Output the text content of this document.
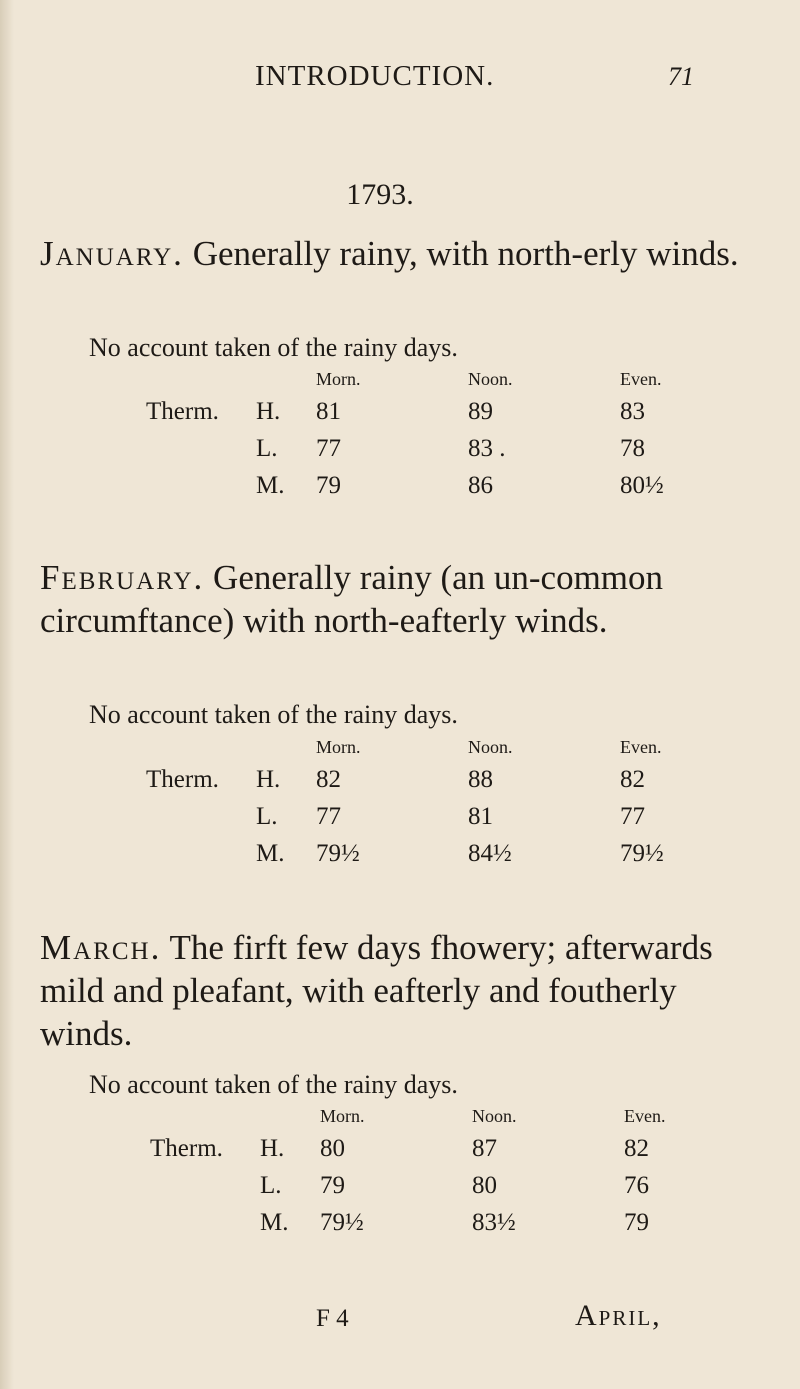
INTRODUCTION.	71
1793.
January. Generally rainy, with north-erly winds.
No account taken of the rainy days.
		Morn.	Noon.	Even.
Therm.	H.	81	89	83
	L.	77	83 .	78
	M.	79	86	80½
February. Generally rainy (an un-common circumftance) with north-eafterly winds.
No account taken of the rainy days.
		Morn.	Noon.	Even.
Therm.	H.	82	88	82
	L.	77	81	77
	M.	79½	84½	79½
March. The firft few days fhowery; afterwards mild and pleafant, with eafterly and foutherly winds.
No account taken of the rainy days.
		Morn.	Noon.	Even.
Therm.	H.	80	87	82
	L.	79	80	76
	M.	79½	83½	79
F 4	April,
